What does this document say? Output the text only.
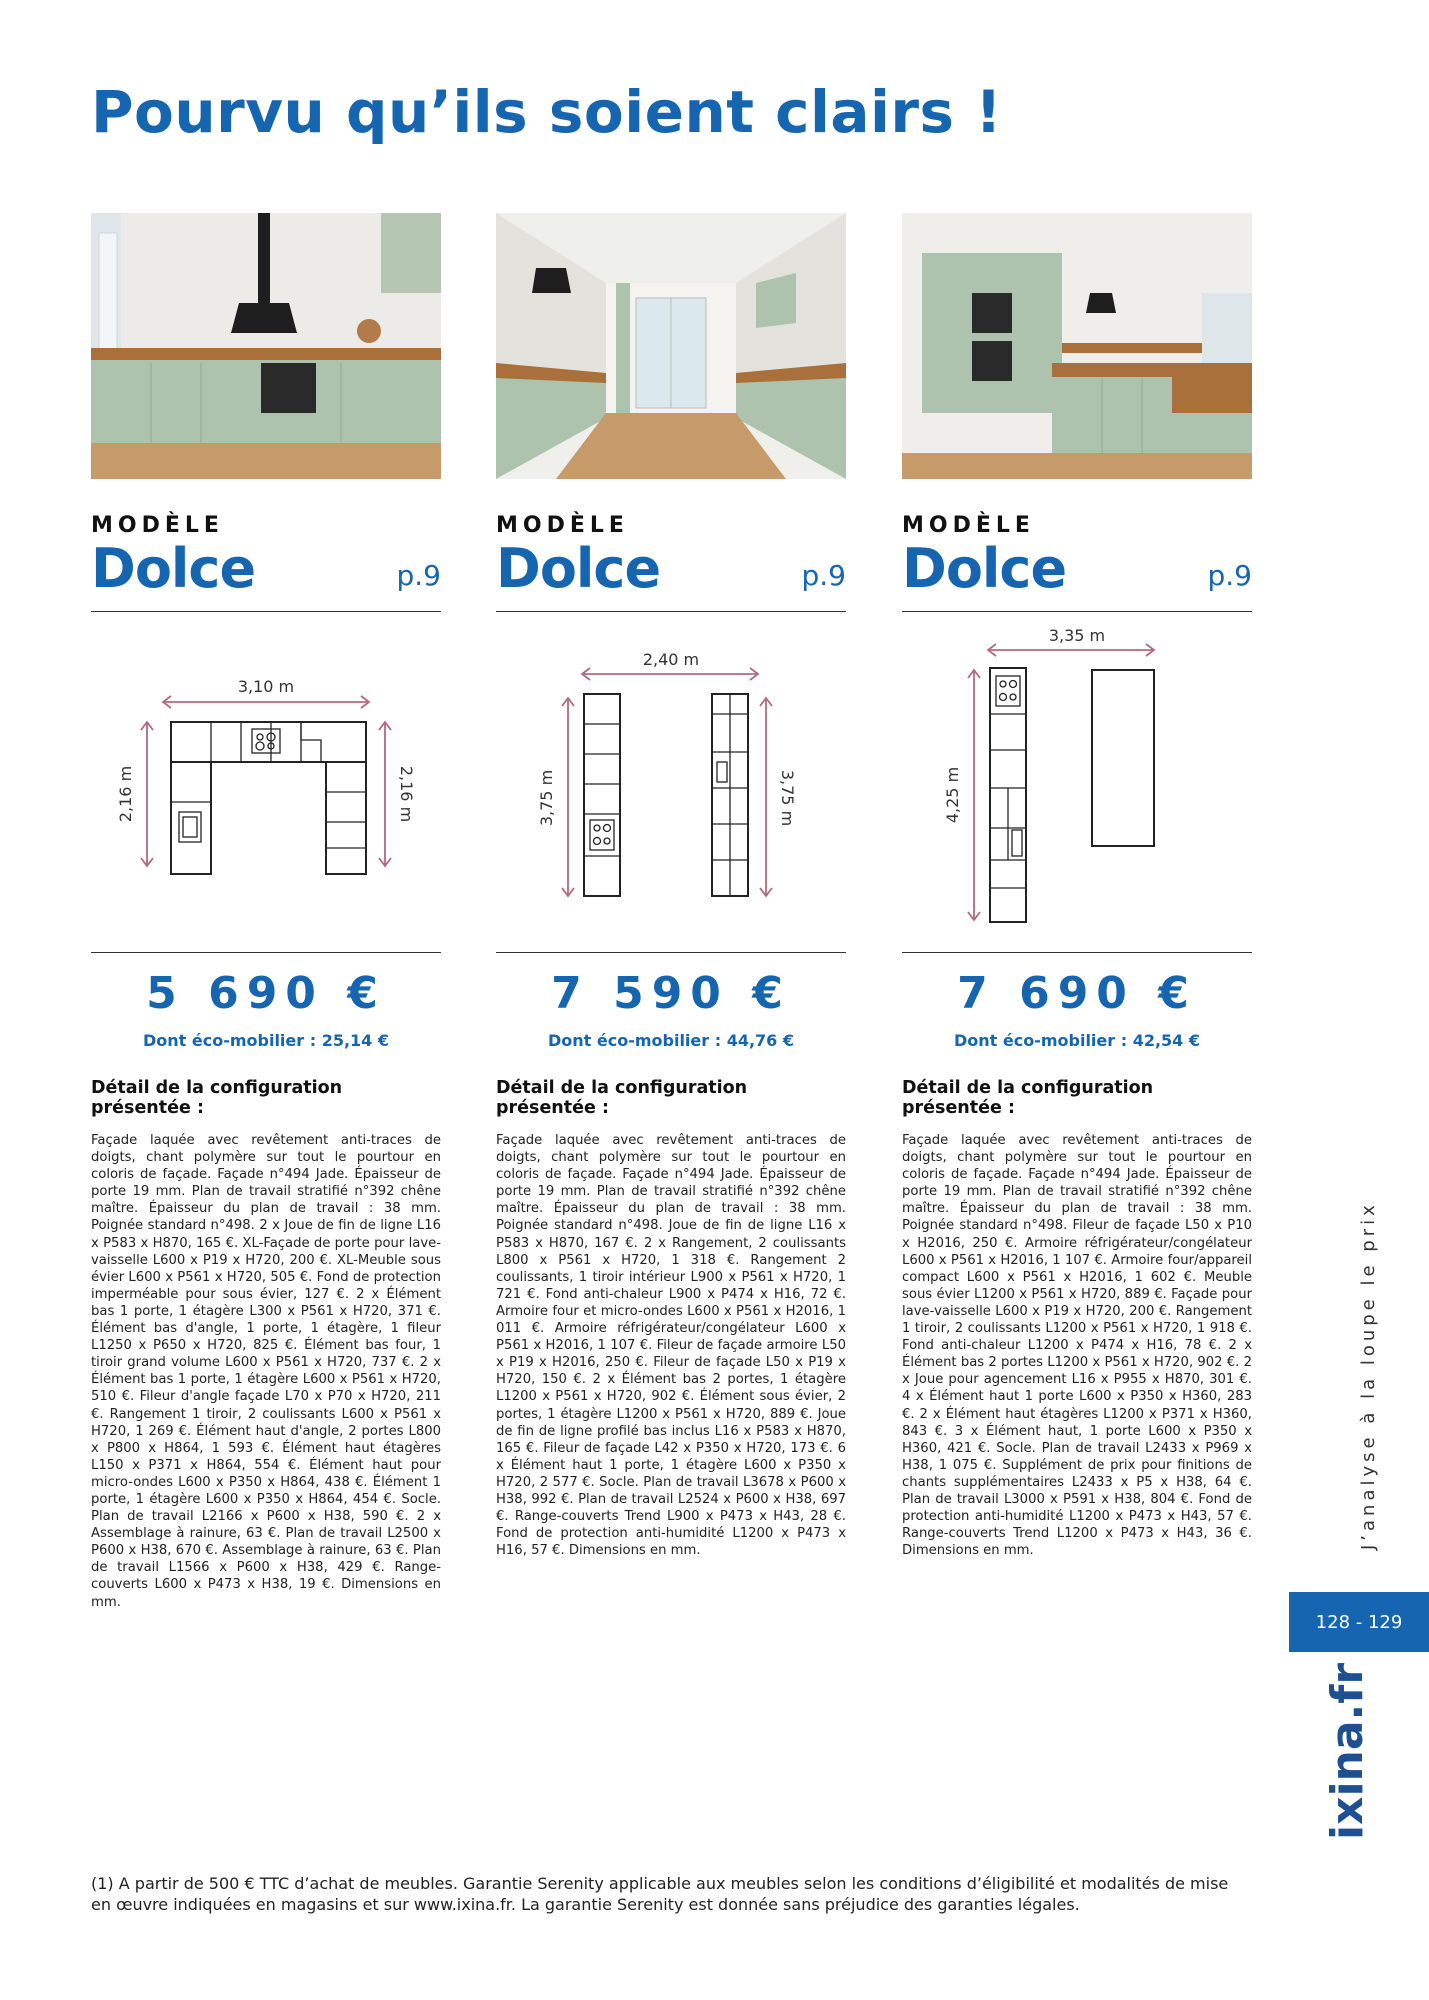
Pourvu qu’ils soient clairs !
MODÈLE
Dolce	p.9
3,10 m
2,16 m	2,16 m
5 690 €
Dont éco-mobilier : 25,14 €
Détail de la configuration présentée :
Façade laquée avec revêtement anti-traces de doigts, chant polymère sur tout le pourtour en coloris de façade. Façade n°494 Jade. Épaisseur de porte 19 mm. Plan de travail stratifié n°392 chêne maître. Épaisseur du plan de travail : 38 mm. Poignée standard n°498. 2 x Joue de fin de ligne L16 x P583 x H870, 165 €. XL-Façade de porte pour lave-vaisselle L600 x P19 x H720, 200 €. XL-Meuble sous évier L600 x P561 x H720, 505 €. Fond de protection imperméable pour sous évier, 127 €. 2 x Élément bas 1 porte, 1 étagère L300 x P561 x H720, 371 €. Élément bas d'angle, 1 porte, 1 étagère, 1 fileur L1250 x P650 x H720, 825 €. Élément bas four, 1 tiroir grand volume L600 x P561 x H720, 737 €. 2 x Élément bas 1 porte, 1 étagère L600 x P561 x H720, 510 €. Fileur d'angle façade L70 x P70 x H720, 211 €. Rangement 1 tiroir, 2 coulissants L600 x P561 x H720, 1 269 €. Élément haut d'angle, 2 portes L800 x P800 x H864, 1 593 €. Élément haut étagères L150 x P371 x H864, 554 €. Élément haut pour micro-ondes L600 x P350 x H864, 438 €. Élément 1 porte, 1 étagère L600 x P350 x H864, 454 €. Socle. Plan de travail L2166 x P600 x H38, 590 €. 2 x Assemblage à rainure, 63 €. Plan de travail L2500 x P600 x H38, 670 €. Assemblage à rainure, 63 €. Plan de travail L1566 x P600 x H38, 429 €. Range-couverts L600 x P473 x H38, 19 €. Dimensions en mm.
MODÈLE
Dolce	p.9
2,40 m
3,75 m	3,75 m
7 590 €
Dont éco-mobilier : 44,76 €
Détail de la configuration présentée :
Façade laquée avec revêtement anti-traces de doigts, chant polymère sur tout le pourtour en coloris de façade. Façade n°494 Jade. Épaisseur de porte 19 mm. Plan de travail stratifié n°392 chêne maître. Épaisseur du plan de travail : 38 mm. Poignée standard n°498. Joue de fin de ligne L16 x P583 x H870, 167 €. 2 x Rangement, 2 coulissants L800 x P561 x H720, 1 318 €. Rangement 2 coulissants, 1 tiroir intérieur L900 x P561 x H720, 1 721 €. Fond anti-chaleur L900 x P474 x H16, 72 €. Armoire four et micro-ondes L600 x P561 x H2016, 1 011 €. Armoire réfrigérateur/congélateur L600 x P561 x H2016, 1 107 €. Fileur de façade armoire L50 x P19 x H2016, 250 €. Fileur de façade L50 x P19 x H720, 150 €. 2 x Élément bas 2 portes, 1 étagère L1200 x P561 x H720, 902 €. Élément sous évier, 2 portes, 1 étagère L1200 x P561 x H720, 889 €. Joue de fin de ligne profilé bas inclus L16 x P583 x H870, 165 €. Fileur de façade L42 x P350 x H720, 173 €. 6 x Élément haut 1 porte, 1 étagère L600 x P350 x H720, 2 577 €. Socle. Plan de travail L3678 x P600 x H38, 992 €. Plan de travail L2524 x P600 x H38, 697 €. Range-couverts Trend L900 x P473 x H43, 28 €. Fond de protection anti-humidité L1200 x P473 x H16, 57 €. Dimensions en mm.
MODÈLE
Dolce	p.9
3,35 m
4,25 m
7 690 €
Dont éco-mobilier : 42,54 €
Détail de la configuration présentée :
Façade laquée avec revêtement anti-traces de doigts, chant polymère sur tout le pourtour en coloris de façade. Façade n°494 Jade. Épaisseur de porte 19 mm. Plan de travail stratifié n°392 chêne maître. Épaisseur du plan de travail : 38 mm. Poignée standard n°498. Fileur de façade L50 x P10 x H2016, 250 €. Armoire réfrigérateur/congélateur L600 x P561 x H2016, 1 107 €. Armoire four/appareil compact L600 x P561 x H2016, 1 602 €. Meuble sous évier L1200 x P561 x H720, 889 €. Façade pour lave-vaisselle L600 x P19 x H720, 200 €. Rangement 1 tiroir, 2 coulissants L1200 x P561 x H720, 1 918 €. Fond anti-chaleur L1200 x P474 x H16, 78 €. 2 x Élément bas 2 portes L1200 x P561 x H720, 902 €. 2 x Joue pour agencement L16 x P955 x H870, 301 €. 4 x Élément haut 1 porte L600 x P350 x H360, 283 €. 2 x Élément haut étagères L1200 x P371 x H360, 843 €. 3 x Élément haut, 1 porte L600 x P350 x H360, 421 €. Socle. Plan de travail L2433 x P969 x H38, 1 075 €. Supplément de prix pour finitions de chants supplémentaires L2433 x P5 x H38, 64 €. Plan de travail L3000 x P591 x H38, 804 €. Fond de protection anti-humidité L1200 x P473 x H43, 57 €. Range-couverts Trend L1200 x P473 x H43, 36 €. Dimensions en mm.
J’analyse à la loupe le prix
128 - 129
ixina.fr
(1) A partir de 500 € TTC d’achat de meubles. Garantie Serenity applicable aux meubles selon les conditions d’éligibilité et modalités de mise en œuvre indiquées en magasins et sur www.ixina.fr. La garantie Serenity est donnée sans préjudice des garanties légales.
